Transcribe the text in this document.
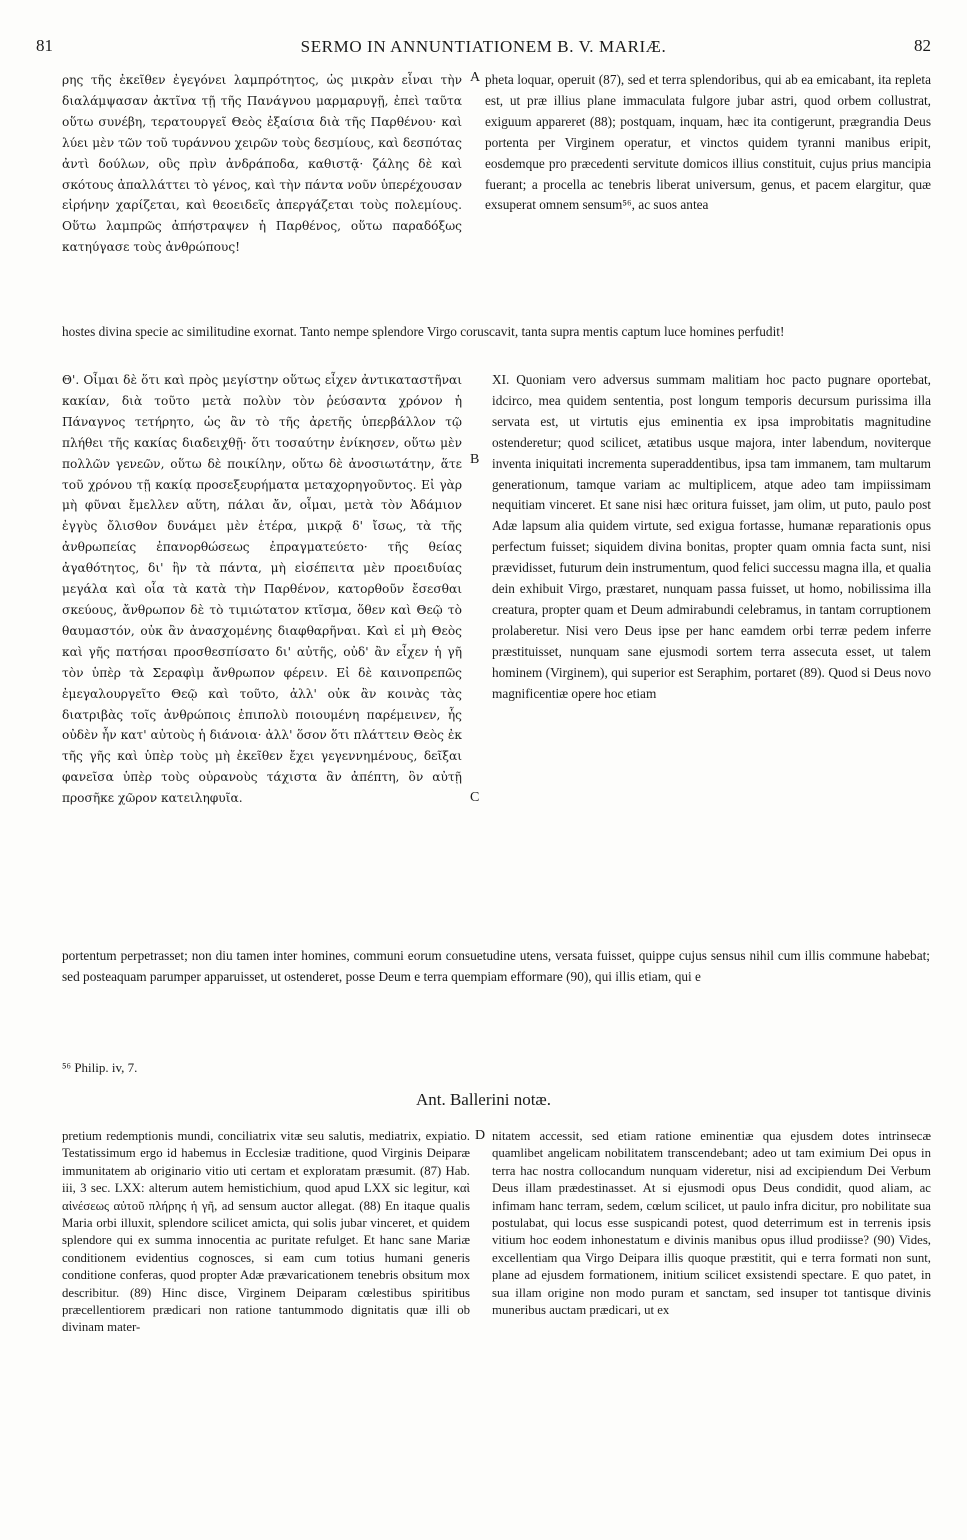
81	SERMO IN ANNUNTIATIONEM B. V. MARIÆ.	82
ρης τῆς ἐκεῖθεν ἐγεγόνει λαμπρότητος, ὡς μικρὰν εἶναι τὴν διαλάμψασαν ἀκτῖνα τῇ τῆς Πανάγνου μαρμαρυγῇ, ἐπεὶ ταῦτα οὕτω συνέβη, τερατουργεῖ Θεὸς ἐξαίσια διὰ τῆς Παρθένου· καὶ λύει μὲν τῶν τοῦ τυράννου χειρῶν τοὺς δεσμίους, καὶ δεσπότας ἀντὶ δούλων, οὓς πρὶν ἀνδράποδα, καθιστᾷ· ζάλης δὲ καὶ σκότους ἀπαλλάττει τὸ γένος, καὶ τὴν πάντα νοῦν ὑπερέχουσαν εἰρήνην χαρίζεται, καὶ θεοειδεῖς ἀπεργάζεται τοὺς πολεμίους. Οὕτω λαμπρῶς ἀπήστραψεν ἡ Παρθένος, οὕτω παραδόξως κατηύγασε τοὺς ἀνθρώπους!
A pheta loquar, operuit (87), sed et terra splendoribus, qui ab ea emicabant, ita repleta est, ut præ illius plane immaculata fulgore jubar astri, quod orbem collustrat, exiguum appareret (88); postquam, inquam, hæc ita contigerunt, prægrandia Deus portenta per Virginem operatur, et vinctos quidem tyranni manibus eripit, eosdemque pro præcedenti servitute domicos illius constituit, cujus prius mancipia fuerant; a procella ac tenebris liberat universum, genus, et pacem elargitur, quæ exsuperat omnem sensum⁵⁶, ac suos antea
hostes divina specie ac similitudine exornat. Tanto nempe splendore Virgo coruscavit, tanta supra mentis captum luce homines perfudit!
Θ'. Οἶμαι δὲ ὅτι καὶ πρὸς μεγίστην οὕτως εἶχεν ἀντικαταστῆναι κακίαν, διὰ τοῦτο μετὰ πολὺν τὸν ῥεύσαντα χρόνον ἡ Πάναγνος τετήρητο, ὡς ἂν τὸ τῆς ἀρετῆς ὑπερβάλλον τῷ πλήθει τῆς κακίας διαδειχθῇ· ὅτι τοσαύτην ἐνίκησεν, οὕτω μὲν πολλῶν γενεῶν, οὕτω δὲ ποικίλην, οὕτω δὲ ἀνοσιωτάτην, ἅτε τοῦ χρόνου τῇ κακίᾳ προσεξευρήματα μεταχορηγοῦντος. Εἰ γὰρ μὴ φῦναι ἔμελλεν αὕτη, πάλαι ἄν, οἶμαι, μετὰ τὸν Ἀδάμιον ἐγγὺς ὄλισθον δυνάμει μὲν ἑτέρα, μικρᾷ δ' ἴσως, τὰ τῆς ἀνθρωπείας ἐπανορθώσεως ἐπραγματεύετο· τῆς θείας ἀγαθότητος, δι' ἣν τὰ πάντα, μὴ εἰσέπειτα μὲν προειδυίας μεγάλα καὶ οἷα τὰ κατὰ τὴν Παρθένον, κατορθοῦν ἔσεσθαι σκεύους, ἄνθρωπον δὲ τὸ τιμιώτατον κτῖσμα, ὅθεν καὶ Θεῷ τὸ θαυμαστόν, οὐκ ἂν ἀνασχομένης διαφθαρῆναι. Καὶ εἰ μὴ Θεὸς καὶ γῆς πατήσαι προσθεσπίσατο δι' αὐτῆς, οὐδ' ἂν εἶχεν ἡ γῆ τὸν ὑπὲρ τὰ Σεραφὶμ ἄνθρωπον φέρειν. Εἰ δὲ καινοπρεπῶς ἐμεγαλουργεῖτο Θεῷ καὶ τοῦτο, ἀλλ' οὐκ ἂν κοινὰς τὰς διατριβὰς τοῖς ἀνθρώποις ἐπιπολὺ ποιουμένη παρέμεινεν, ἧς οὐδὲν ἦν κατ' αὐτοὺς ἡ διάνοια· ἀλλ' ὅσον ὅτι πλάττειν Θεὸς ἐκ τῆς γῆς καὶ ὑπὲρ τοὺς μὴ ἐκεῖθεν ἔχει γεγεννημένους, δεῖξαι φανεῖσα ὑπὲρ τοὺς οὐρανοὺς τάχιστα ἂν ἀπέπτη, ὃν αὐτῇ προσῆκε χῶρον κατειληφυῖα.
B
C
XI. Quoniam vero adversus summam malitiam hoc pacto pugnare oportebat, idcirco, mea quidem sententia, post longum temporis decursum purissima illa servata est, ut virtutis ejus eminentia ex ipsa improbitatis magnitudine ostenderetur; quod scilicet, ætatibus usque majora, inter labendum, noviterque inventa iniquitati incrementa superaddentibus, ipsa tam immanem, tam multarum generationum, tamque variam ac multiplicem, atque adeo tam impiissimam nequitiam vinceret. Et sane nisi hæc oritura fuisset, jam olim, ut puto, paulo post Adæ lapsum alia quidem virtute, sed exigua fortasse, humanæ reparationis opus perfectum fuisset; siquidem divina bonitas, propter quam omnia facta sunt, nisi prævidisset, futurum dein instrumentum, quod felici successu magna illa, et qualia dein exhibuit Virgo, præstaret, nunquam passa fuisset, ut homo, nobilissima illa creatura, propter quam et Deum admirabundi celebramus, in tantam corruptionem prolaberetur. Nisi vero Deus ipse per hanc eamdem orbi terræ pedem inferre præstituisset, nunquam sane ejusmodi sortem terra assecuta esset, ut talem hominem (Virginem), qui superior est Seraphim, portaret (89). Quod si Deus novo magnificentiæ opere hoc etiam
portentum perpetrasset; non diu tamen inter homines, communi eorum consuetudine utens, versata fuisset, quippe cujus sensus nihil cum illis commune habebat; sed posteaquam parumper apparuisset, ut ostenderet, posse Deum e terra quempiam efformare (90), qui illis etiam, qui e
⁵⁶ Philip. iv, 7.
Ant. Ballerini notæ.
pretium redemptionis mundi, conciliatrix vitæ seu salutis, mediatrix, expiatio. Testatissimum ergo id habemus in Ecclesiæ traditione, quod Virginis Deiparæ immunitatem ab originario vitio uti certam et exploratam præsumit. (87) Hab. iii, 3 sec. LXX: alterum autem hemistichium, quod apud LXX sic legitur, καὶ αἰνέσεως αὐτοῦ πλήρης ἡ γῆ, ad sensum auctor allegat. (88) En itaque qualis Maria orbi illuxit, splendore scilicet amicta, qui solis jubar vinceret, et quidem splendore qui ex summa innocentia ac puritate refulget. Et hanc sane Mariæ conditionem evidentius cognosces, si eam cum totius humani generis conditione conferas, quod propter Adæ prævaricationem tenebris obsitum mox describitur. (89) Hinc disce, Virginem Deiparam cœlestibus spiritibus præcellentiorem prædicari non ratione tantummodo dignitatis quæ illi ob divinam mater-
D nitatem accessit, sed etiam ratione eminentiæ qua ejusdem dotes intrinsecæ quamlibet angelicam nobilitatem transcendebant; adeo ut tam eximium Dei opus in terra hac nostra collocandum nunquam videretur, nisi ad excipiendum Dei Verbum Deus illam prædestinasset. At si ejusmodi opus Deus condidit, quod aliam, ac infimam hanc terram, sedem, cœlum scilicet, ut paulo infra dicitur, pro nobilitate sua postulabat, qui locus esse suspicandi potest, quod deterrimum est in terrenis ipsis vitium hoc eodem inhonestatum e divinis manibus opus illud prodiisse? (90) Vides, excellentiam qua Virgo Deipara illis quoque præstitit, qui e terra formati non sunt, plane ad ejusdem formationem, initium scilicet exsistendi spectare. E quo patet, in sua illam origine non modo puram et sanctam, sed insuper tot tantisque divinis muneribus auctam prædicari, ut ex
